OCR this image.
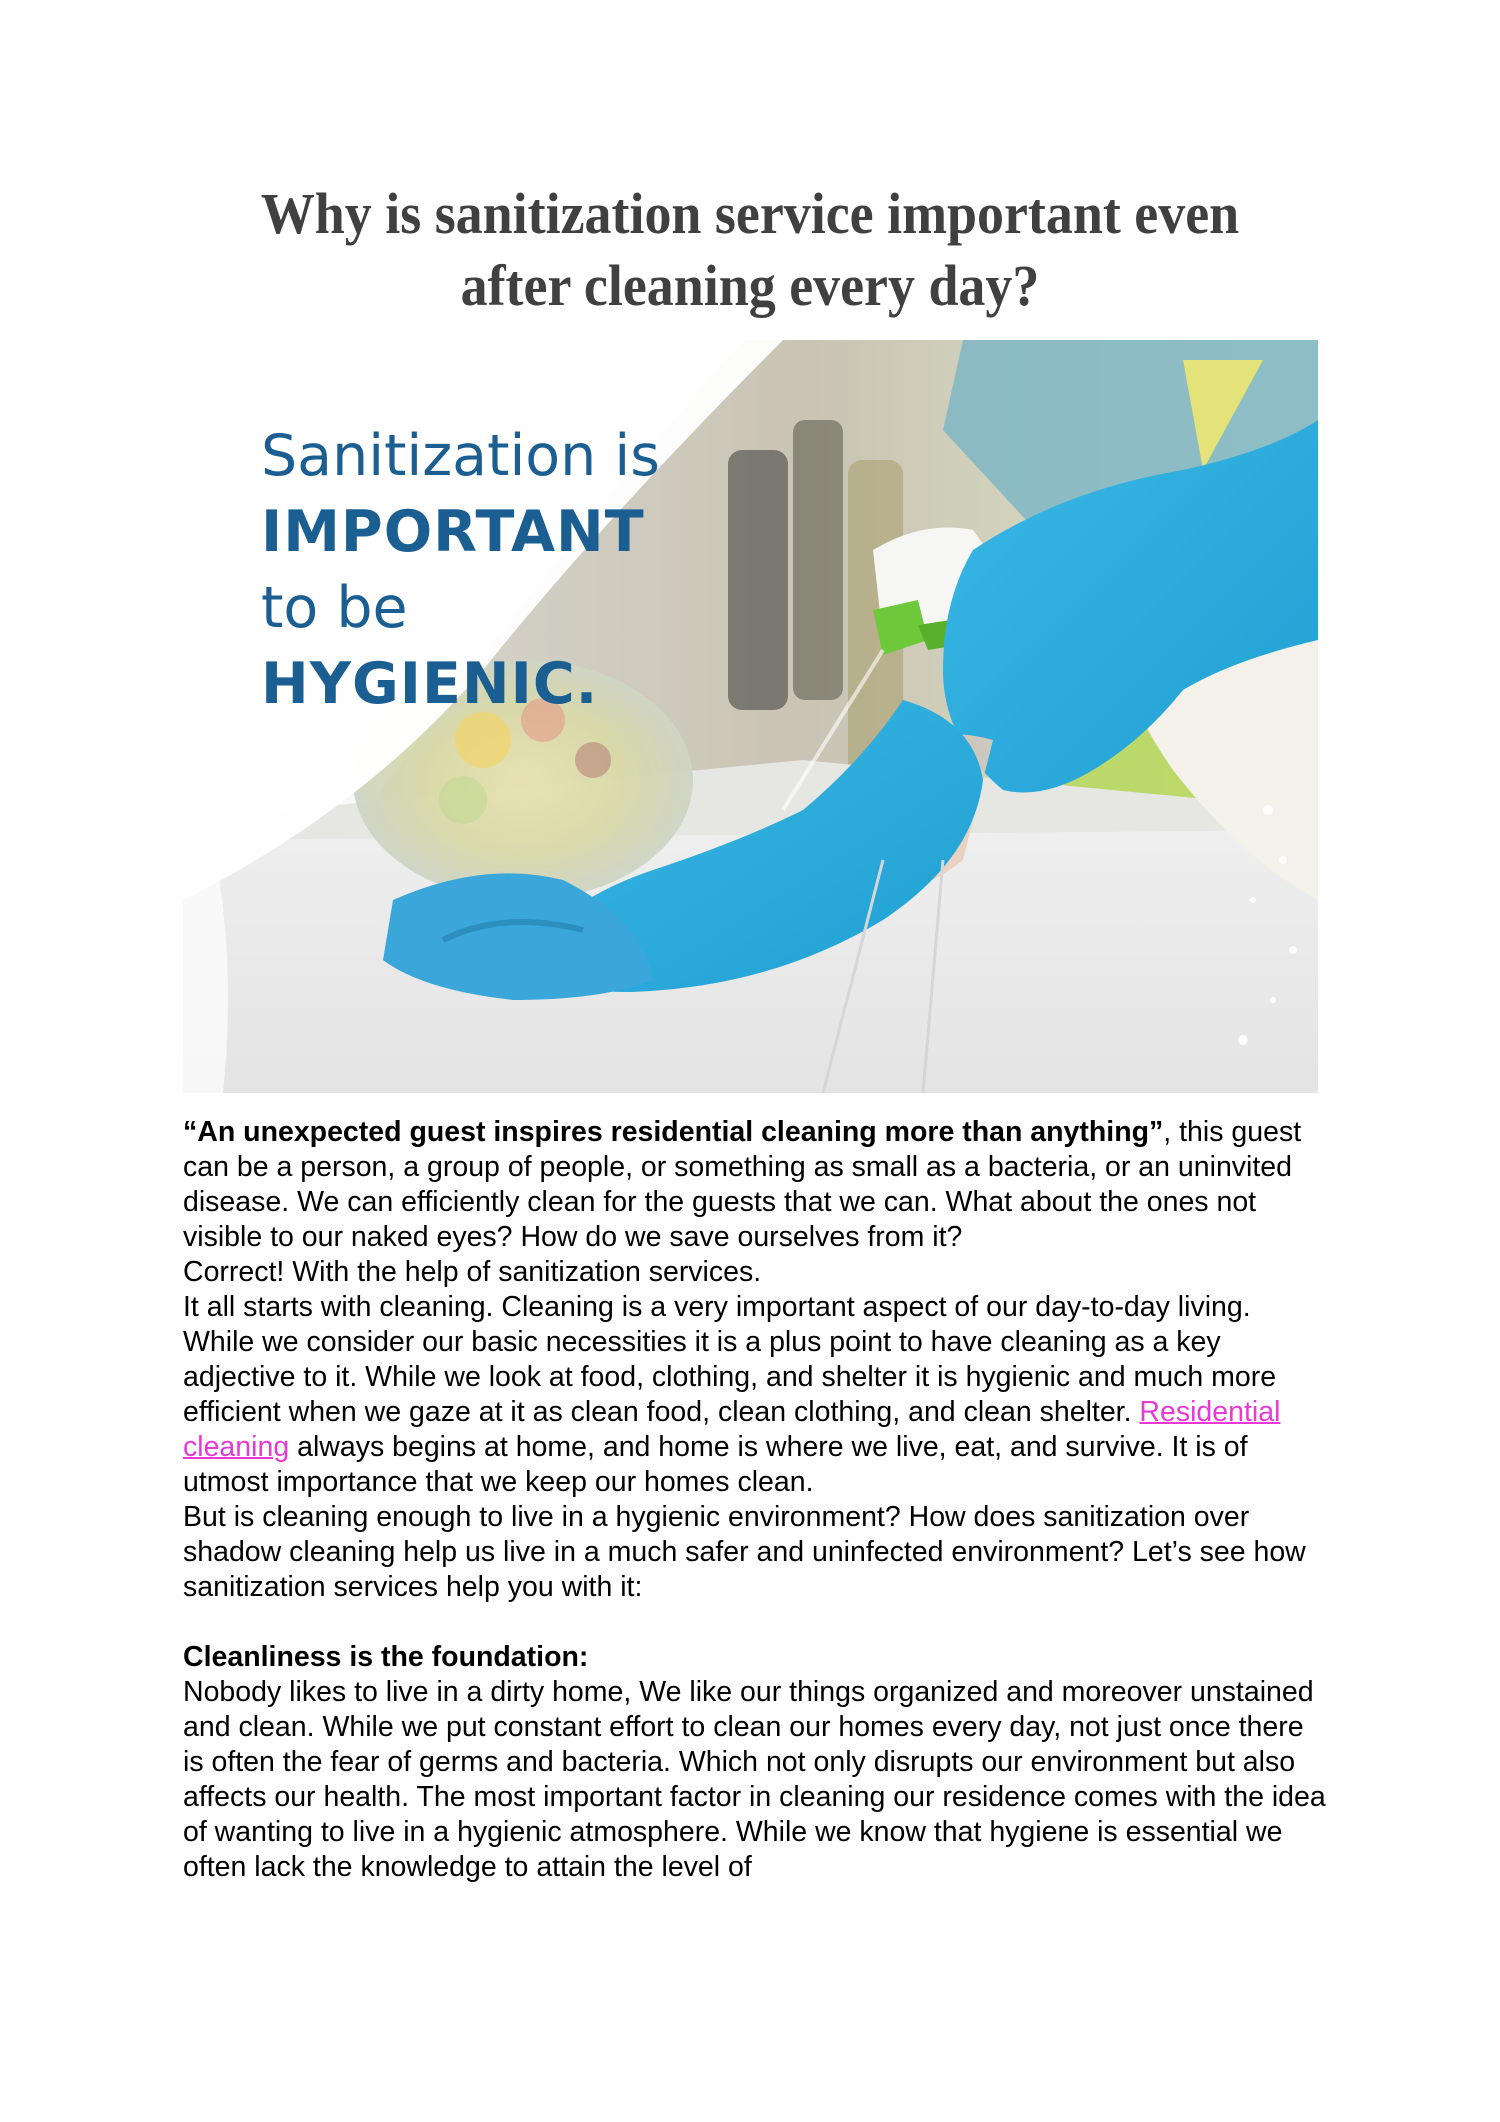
Why is sanitization service important even
after cleaning every day?
Sanitization is
IMPORTANT
to be
HYGIENIC.

“An unexpected guest inspires residential cleaning more than anything”, this guest can be a person, a group of people, or something as small as a bacteria, or an uninvited disease. We can efficiently clean for the guests that we can. What about the ones not visible to our naked eyes? How do we save ourselves from it?

Correct! With the help of sanitization services.

It all starts with cleaning. Cleaning is a very important aspect of our day-to-day living. While we consider our basic necessities it is a plus point to have cleaning as a key adjective to it. While we look at food, clothing, and shelter it is hygienic and much more efficient when we gaze at it as clean food, clean clothing, and clean shelter. Residential cleaning always begins at home, and home is where we live, eat, and survive. It is of utmost importance that we keep our homes clean.

But is cleaning enough to live in a hygienic environment? How does sanitization over shadow cleaning help us live in a much safer and uninfected environment? Let’s see how sanitization services help you with it:

Cleanliness is the foundation:

Nobody likes to live in a dirty home, We like our things organized and moreover unstained and clean. While we put constant effort to clean our homes every day, not just once there is often the fear of germs and bacteria. Which not only disrupts our environment but also affects our health. The most important factor in cleaning our residence comes with the idea of wanting to live in a hygienic atmosphere. While we know that hygiene is essential we often lack the knowledge to attain the level of
